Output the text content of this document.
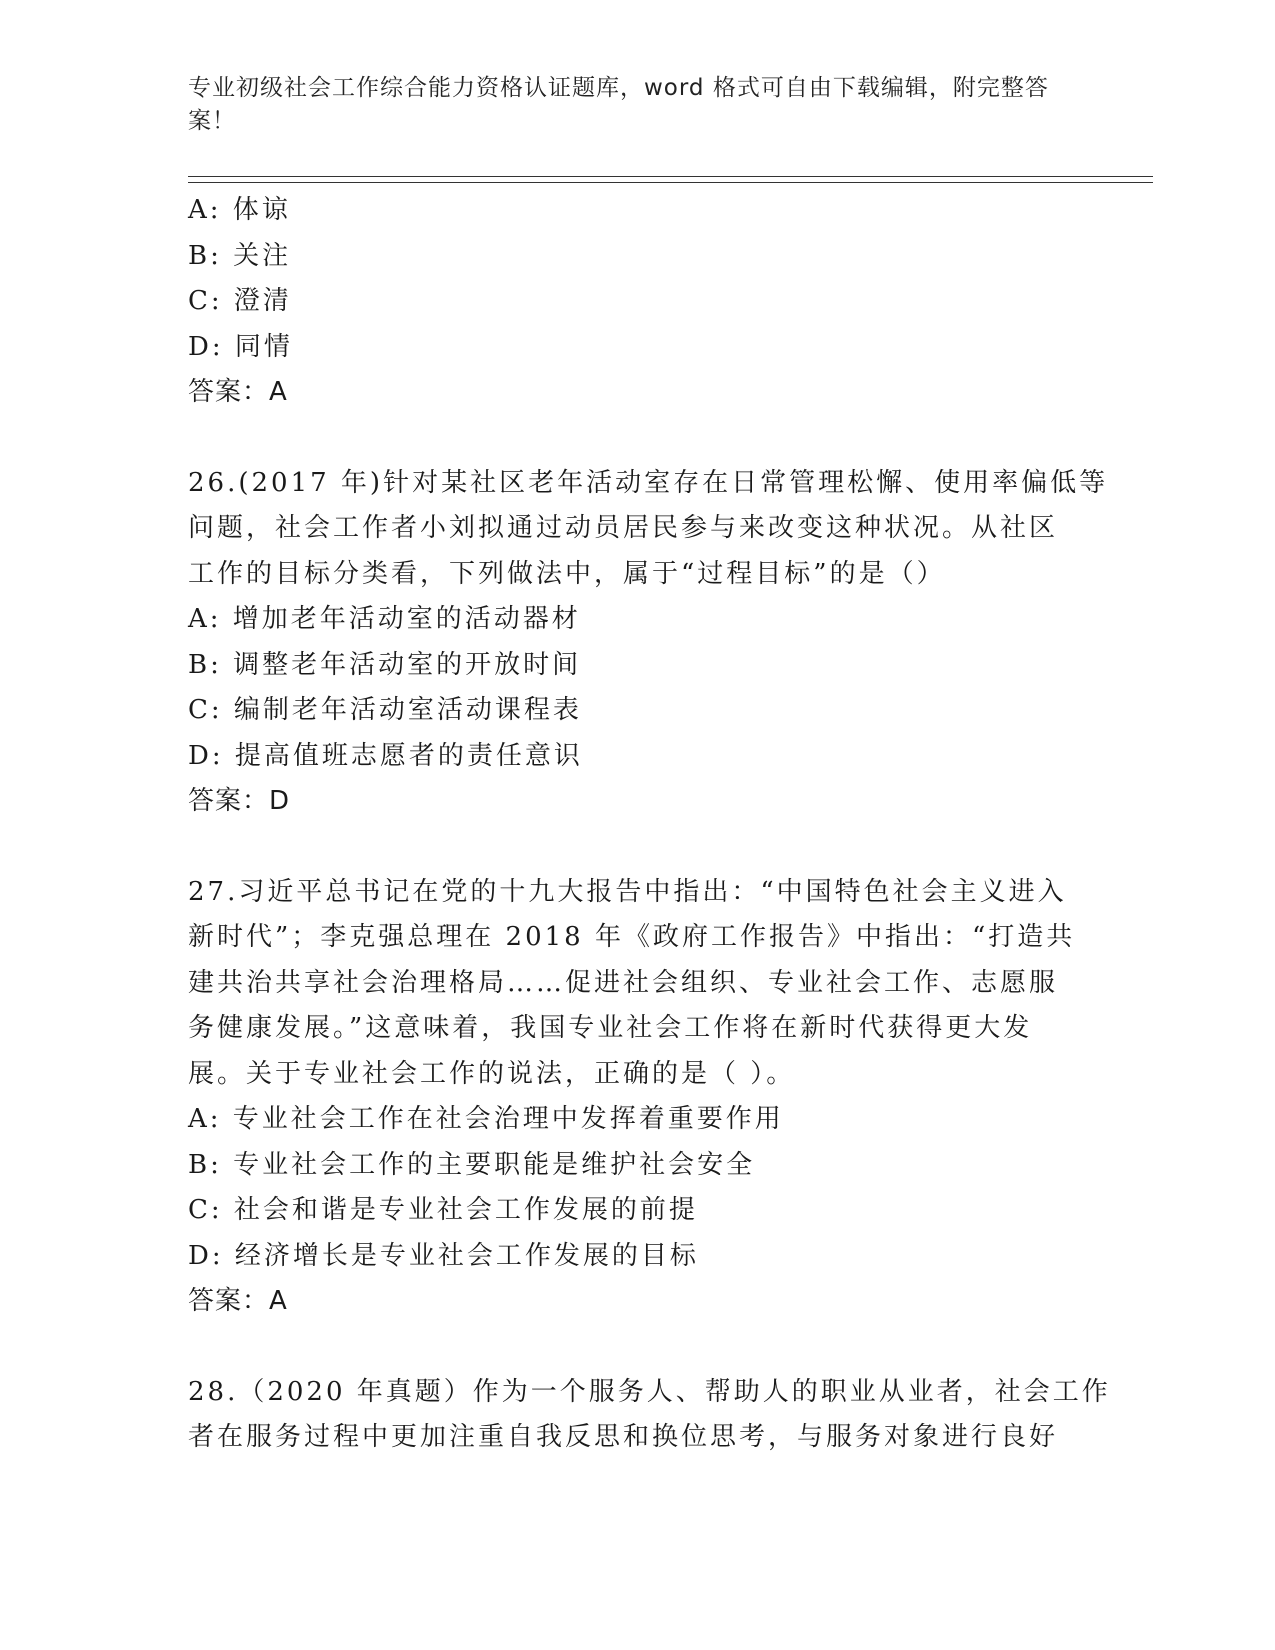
专业初级社会工作综合能力资格认证题库，word 格式可自由下载编辑，附完整答
案！
A: 体谅
B: 关注
C: 澄清
D: 同情
答案：A
26.(2017 年)针对某社区老年活动室存在日常管理松懈、使用率偏低等
问题，社会工作者小刘拟通过动员居民参与来改变这种状况。从社区
工作的目标分类看，下列做法中，属于“过程目标”的是（）
A: 增加老年活动室的活动器材
B: 调整老年活动室的开放时间
C: 编制老年活动室活动课程表
D: 提高值班志愿者的责任意识
答案：D
27.习近平总书记在党的十九大报告中指出：“中国特色社会主义进入
新时代”；李克强总理在 2018 年《政府工作报告》中指出：“打造共
建共治共享社会治理格局……促进社会组织、专业社会工作、志愿服
务健康发展。”这意味着，我国专业社会工作将在新时代获得更大发
展。关于专业社会工作的说法，正确的是（ ）。
A: 专业社会工作在社会治理中发挥着重要作用
B: 专业社会工作的主要职能是维护社会安全
C: 社会和谐是专业社会工作发展的前提
D: 经济增长是专业社会工作发展的目标
答案：A
28.（2020 年真题）作为一个服务人、帮助人的职业从业者，社会工作
者在服务过程中更加注重自我反思和换位思考，与服务对象进行良好
